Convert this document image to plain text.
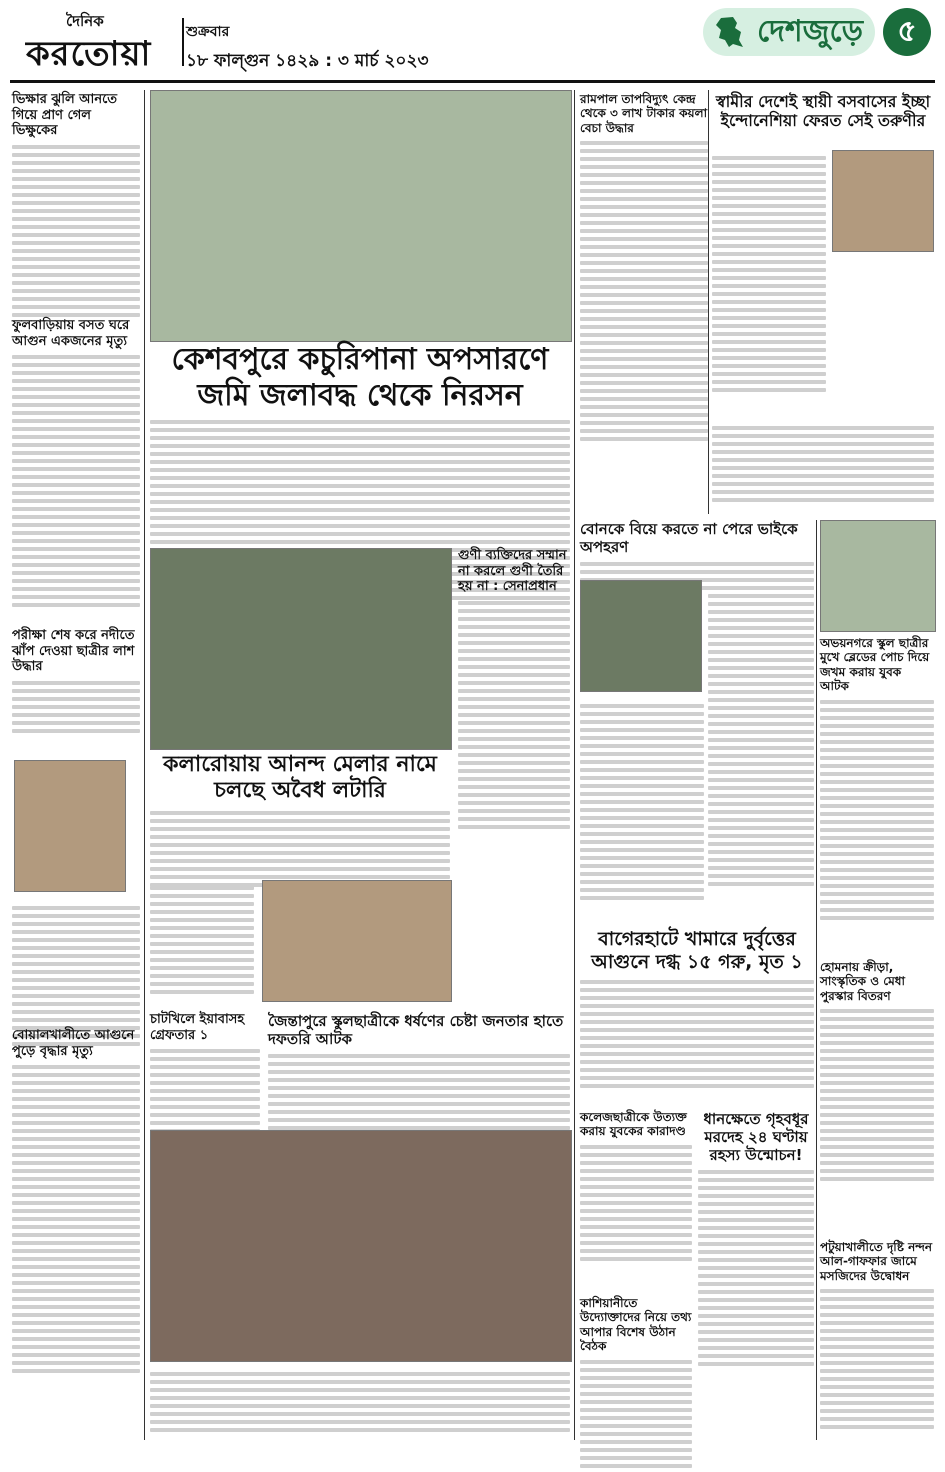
দৈনিক
করতোয়া
শুক্রবার
১৮ ফাল্গুন ১৪২৯ : ৩ মার্চ ২০২৩
দেশজুড়ে	৫
ভিক্ষার ঝুলি আনতে গিয়ে প্রাণ গেল ভিক্ষুকের
ফুলবাড়িয়ায় বসত ঘরে আগুন একজনের মৃত্যু
পরীক্ষা শেষ করে নদীতে ঝাঁপ দেওয়া ছাত্রীর লাশ উদ্ধার
বোয়ালখালীতে আগুনে পুড়ে বৃদ্ধার মৃত্যু
কেশবপুরে কচুরিপানা অপসারণে জমি জলাবদ্ধ থেকে নিরসন
গুণী ব্যক্তিদের সম্মান না করলে গুণী তৈরি হয় না : সেনাপ্রধান
কলারোয়ায় আনন্দ মেলার নামে চলছে অবৈধ লটারি
চাটখিলে ইয়াবাসহ গ্রেফতার ১
জৈন্তাপুরে স্কুলছাত্রীকে ধর্ষণের চেষ্টা জনতার হাতে দফতরি আটক
রামপাল তাপবিদ্যুৎ কেন্দ্র থেকে ৩ লাখ টাকার কয়লা বেচা উদ্ধার
স্বামীর দেশেই স্থায়ী বসবাসের ইচ্ছা ইন্দোনেশিয়া ফেরত সেই তরুণীর
বোনকে বিয়ে করতে না পেরে ভাইকে অপহরণ
অভয়নগরে স্কুল ছাত্রীর মুখে ব্লেডের পোচ দিয়ে জখম করায় যুবক আটক
বাগেরহাটে খামারে দুর্বৃত্তের আগুনে দগ্ধ ১৫ গরু, মৃত ১	হোমনায় ক্রীড়া, সাংস্কৃতিক ও মেধা পুরস্কার বিতরণ
কলেজছাত্রীকে উত্যক্ত করায় যুবকের কারাদণ্ড
কাশিয়ানীতে উদ্যোক্তাদের নিয়ে তথ্য আপার বিশেষ উঠান বৈঠক
ধানক্ষেতে গৃহবধূর মরদেহ ২৪ ঘণ্টায় রহস্য উন্মোচন!
পটুয়াখালীতে দৃষ্টি নন্দন আল-গাফফার জামে মসজিদের উদ্বোধন
